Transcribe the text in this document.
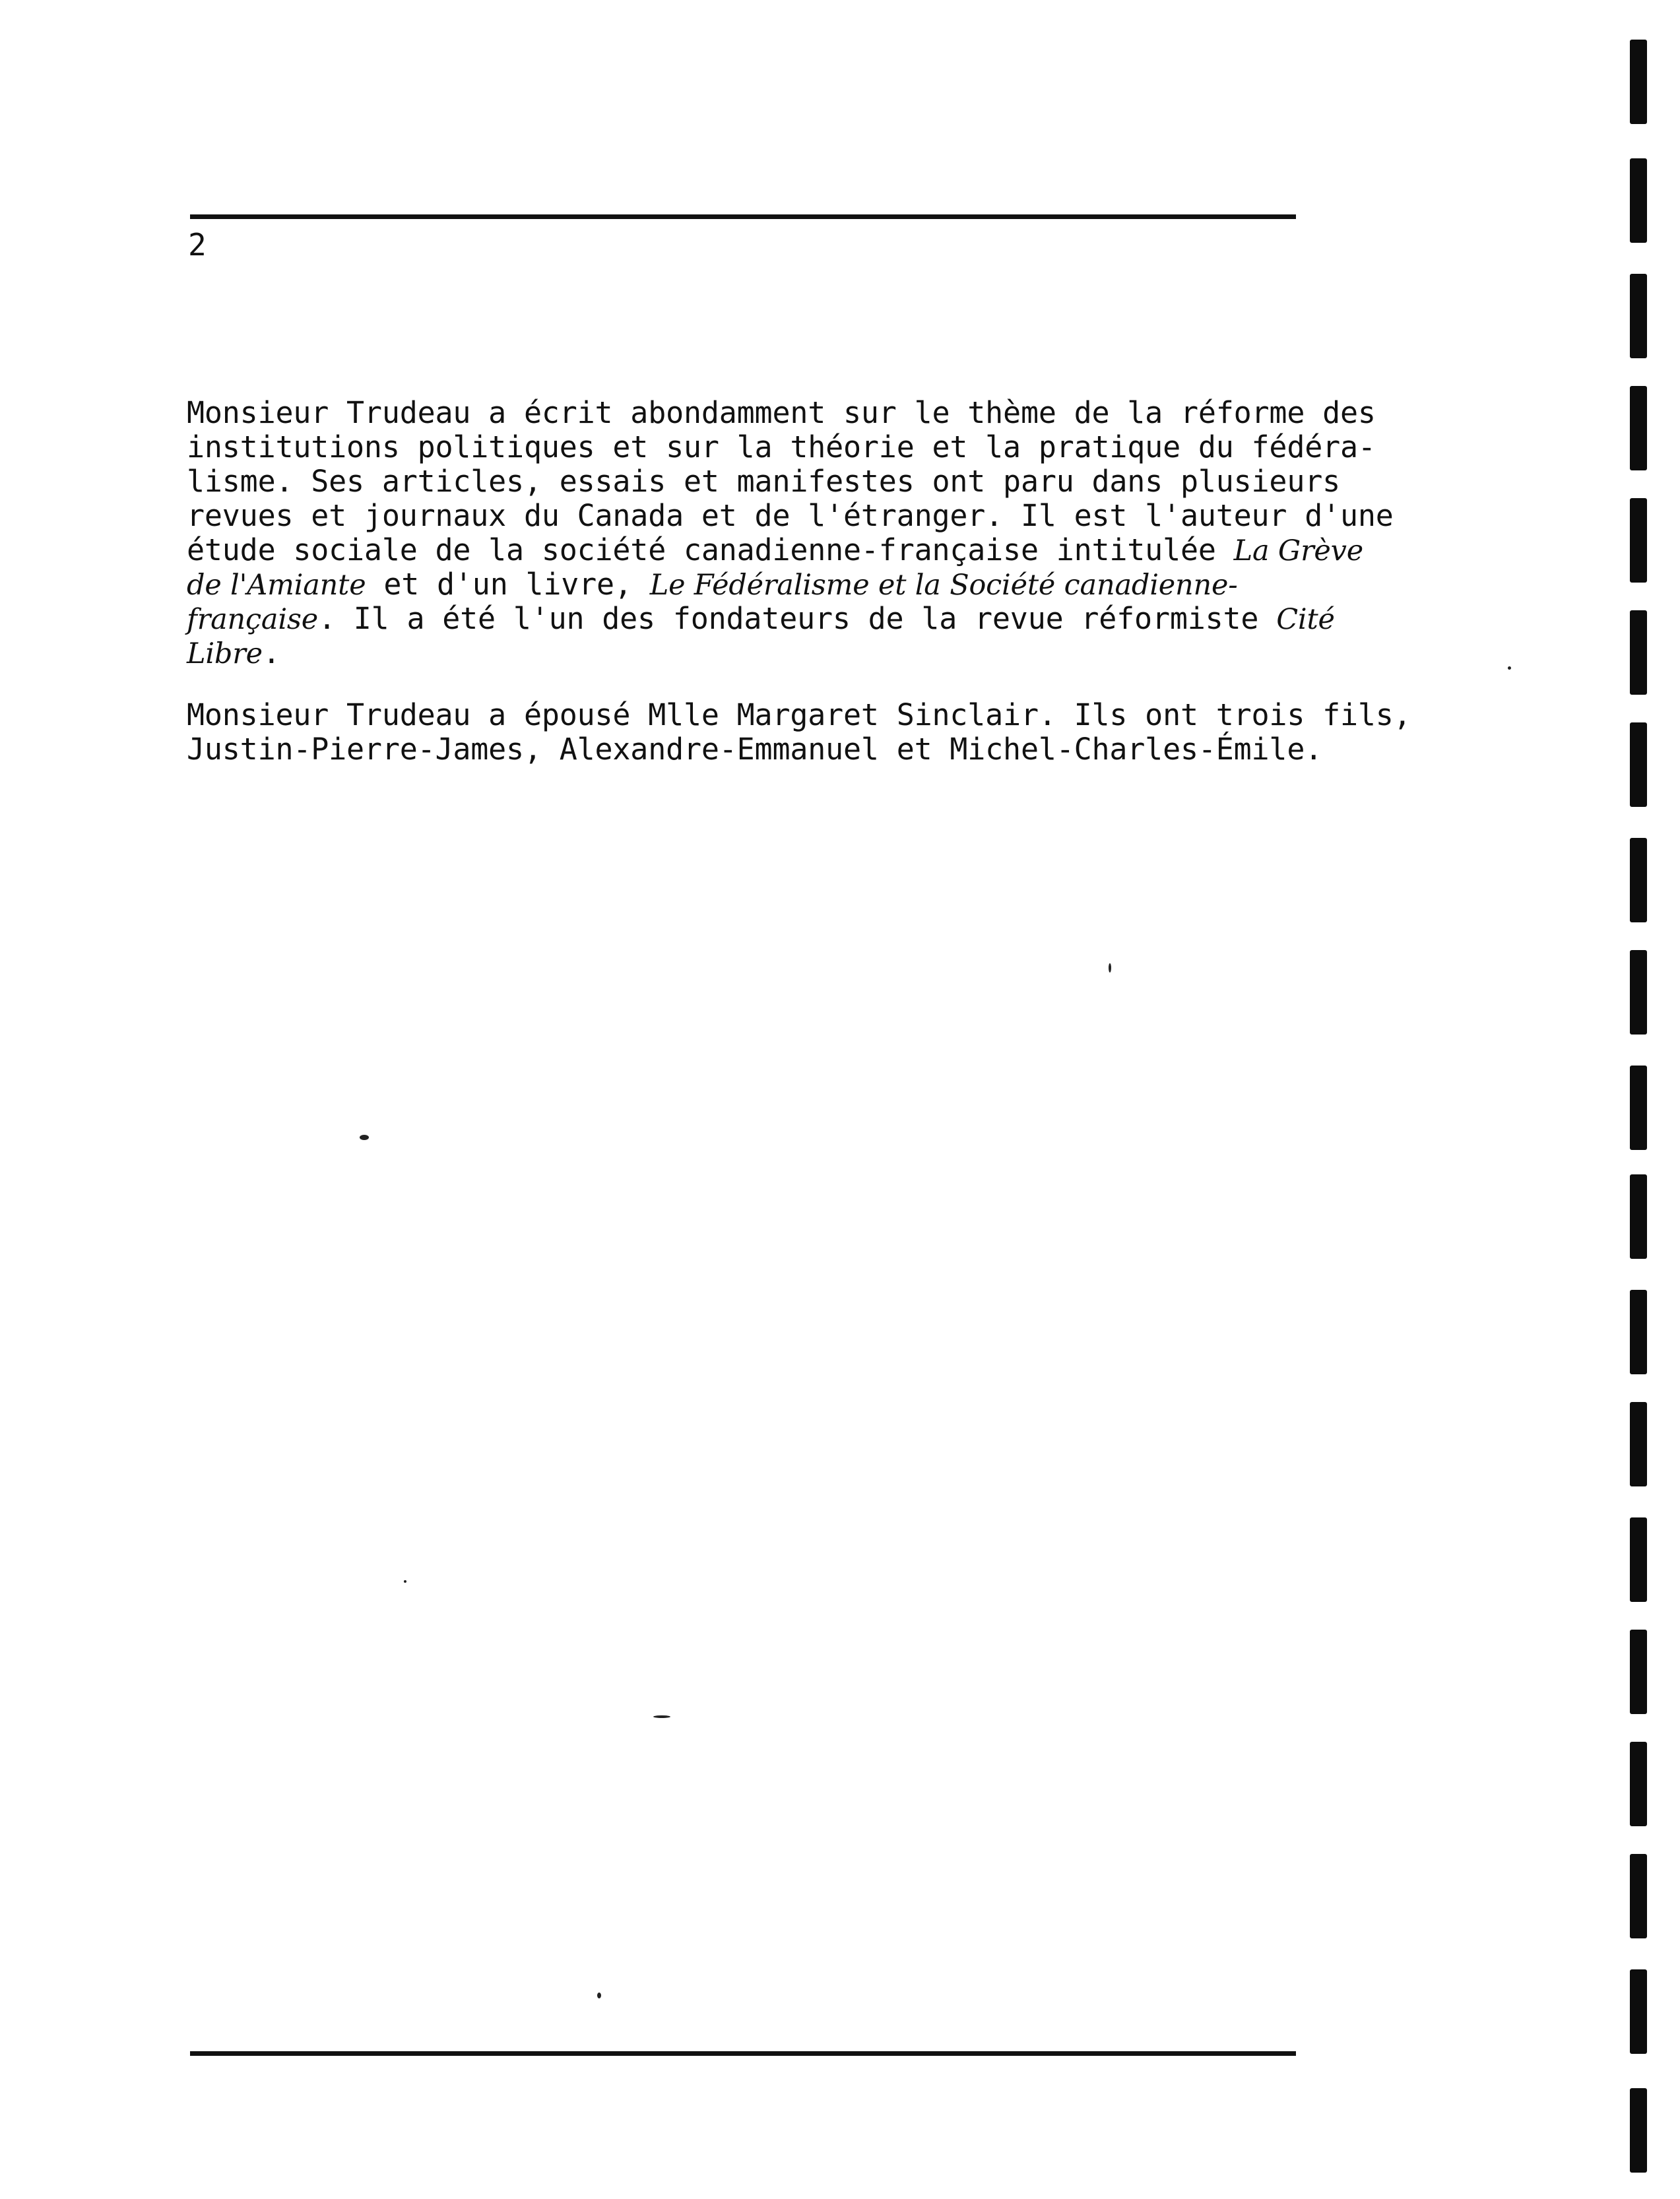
2
Monsieur Trudeau a écrit abondamment sur le thème de la réforme des
institutions politiques et sur la théorie et la pratique du fédéra-
lisme. Ses articles, essais et manifestes ont paru dans plusieurs
revues et journaux du Canada et de l'étranger. Il est l'auteur d'une
étude sociale de la société canadienne-française intitulée La Grève
de l'Amiante et d'un livre, Le Fédéralisme et la Société canadienne-
française. Il a été l'un des fondateurs de la revue réformiste Cité
Libre.
Monsieur Trudeau a épousé Mlle Margaret Sinclair. Ils ont trois fils,
Justin-Pierre-James, Alexandre-Emmanuel et Michel-Charles-Émile.
